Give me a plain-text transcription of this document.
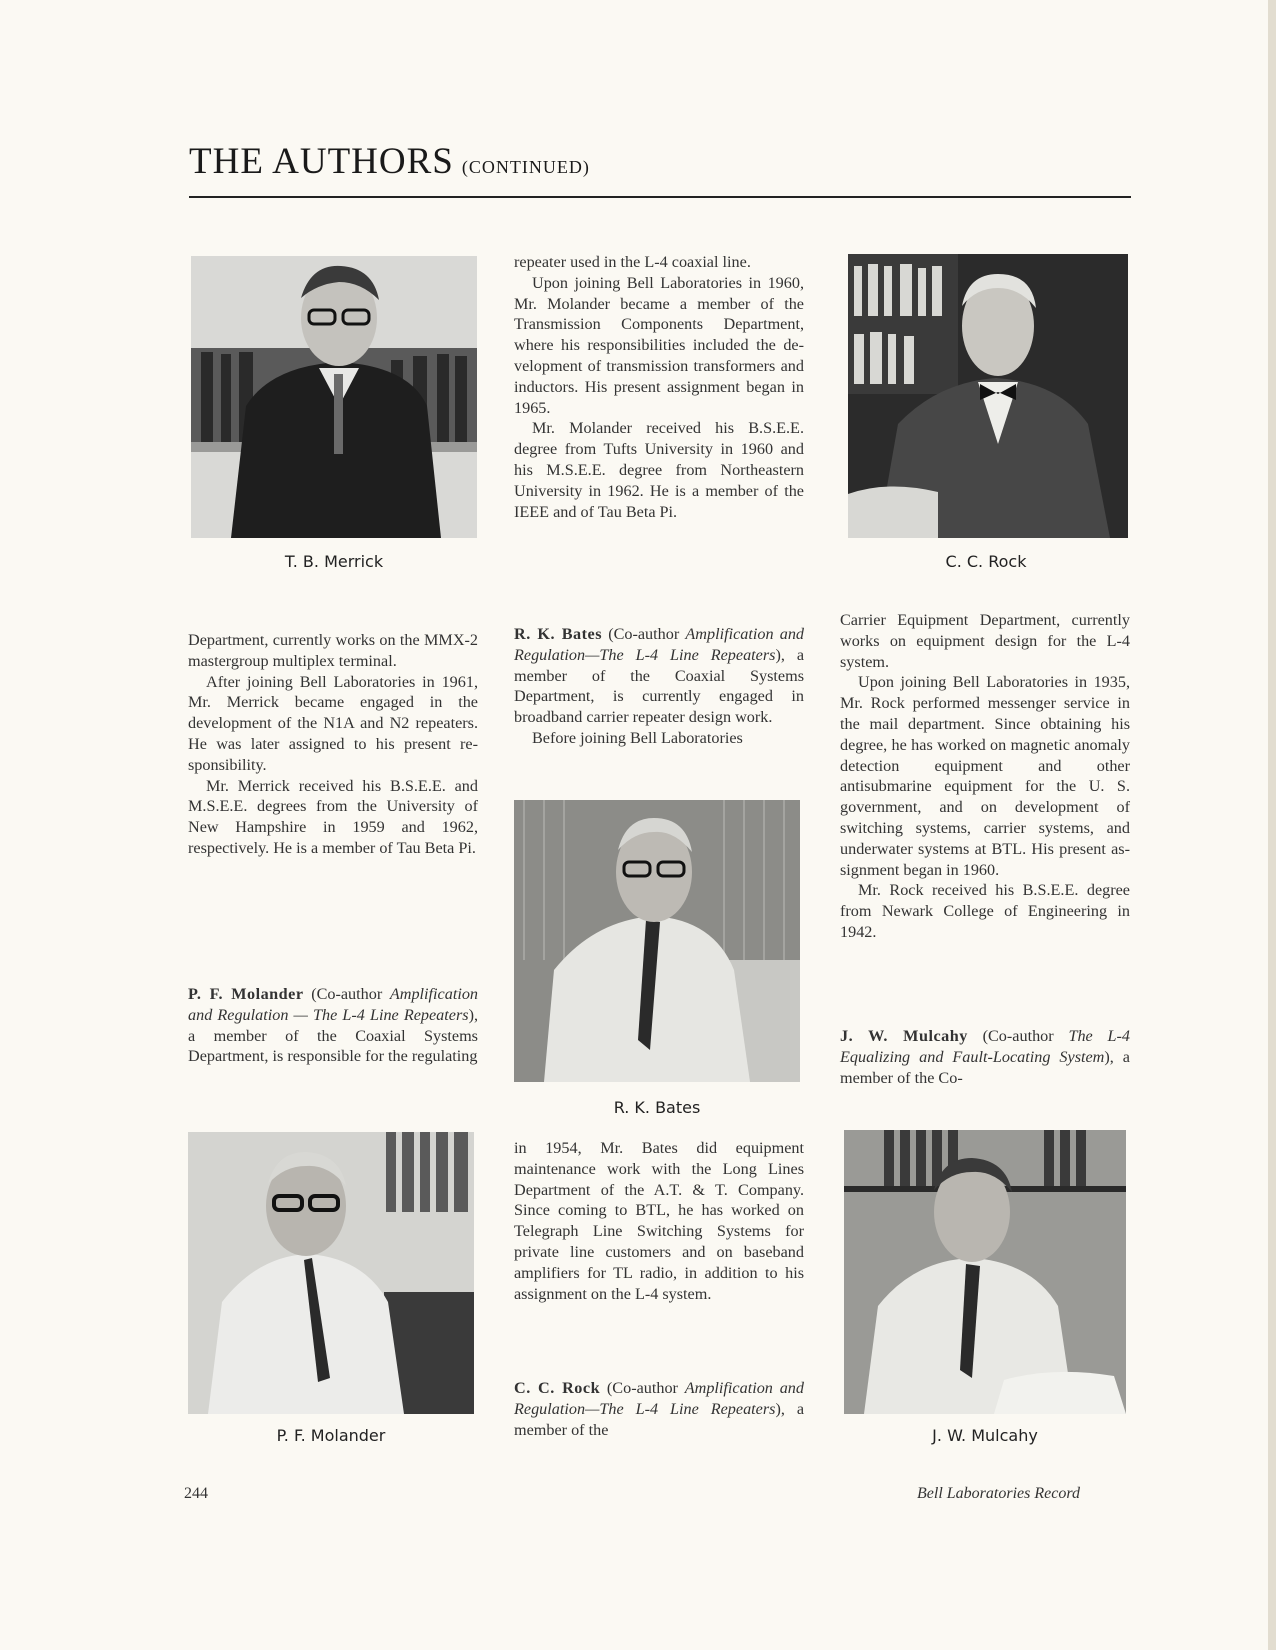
THE AUTHORS (CONTINUED)
T. B. Merrick	C. C. Rock

repeater used in the L-4 coaxial line.

Upon joining Bell Laboratories in 1960, Mr. Molander became a member of the Transmission Components Department, where his responsibilities included the development of transmission transformers and inductors. His present assignment began in 1965.

Mr. Molander received his B.S.E.E. degree from Tufts University in 1960 and his M.S.E.E. degree from Northeastern University in 1962. He is a member of the IEEE and of Tau Beta Pi.

Department, currently works on the MMX-2 mastergroup multiplex terminal.

After joining Bell Laboratories in 1961, Mr. Merrick became engaged in the development of the N1A and N2 repeaters. He was later assigned to his present responsibility.

Mr. Merrick received his B.S.E.E. and M.S.E.E. degrees from the University of New Hampshire in 1959 and 1962, respectively. He is a member of Tau Beta Pi.

P. F. Molander (Co-author Amplification and Regulation — The L-4 Line Repeaters), a member of the Coaxial Systems Department, is responsible for the regulating

R. K. Bates (Co-author Amplification and Regulation—The L-4 Line Repeaters), a member of the Coaxial Systems Department, is currently engaged in broadband carrier repeater design work.

Before joining Bell Laboratories

R. K. Bates

Carrier Equipment Department, currently works on equipment design for the L-4 system.

Upon joining Bell Laboratories in 1935, Mr. Rock performed messenger service in the mail department. Since obtaining his degree, he has worked on magnetic anomaly detection equipment and other antisubmarine equipment for the U. S. government, and on development of switching systems, carrier systems, and underwater systems at BTL. His present assignment began in 1960.

Mr. Rock received his B.S.E.E. degree from Newark College of Engineering in 1942.

J. W. Mulcahy (Co-author The L-4 Equalizing and Fault-Locating System), a member of the Co-

P. F. Molander

in 1954, Mr. Bates did equipment maintenance work with the Long Lines Department of the A.T. & T. Company. Since coming to BTL, he has worked on Telegraph Line Switching Systems for private line customers and on baseband amplifiers for TL radio, in addition to his assignment on the L-4 system.

C. C. Rock (Co-author Amplification and Regulation—The L-4 Line Repeaters), a member of the	J. W. Mulcahy
244	Bell Laboratories Record
